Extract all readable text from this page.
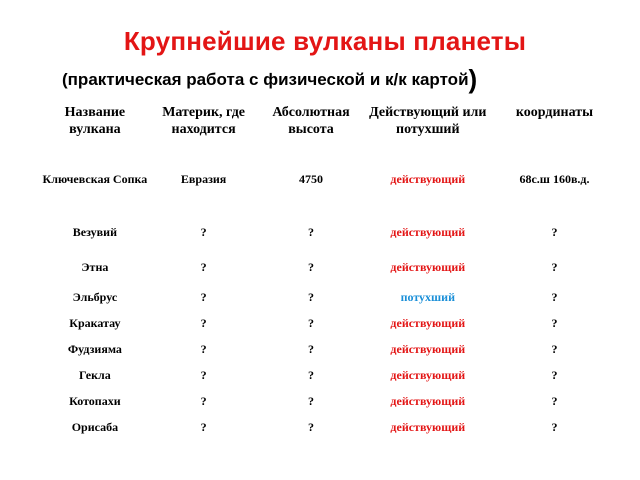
Крупнейшие вулканы планеты
(практическая работа с физической и к/к картой)
Название вулкана	Материк, где находится	Абсолютная высота	Действующий или потухший	координаты
Ключевская Сопка	Евразия	4750	действующий	68с.ш 160в.д.
Везувий	?	?	действующий	?
Этна	?	?	действующий	?
Эльбрус	?	?	потухший	?
Кракатау	?	?	действующий	?
Фудзияма	?	?	действующий	?
Гекла	?	?	действующий	?
Котопахи	?	?	действующий	?
Орисаба	?	?	действующий	?
